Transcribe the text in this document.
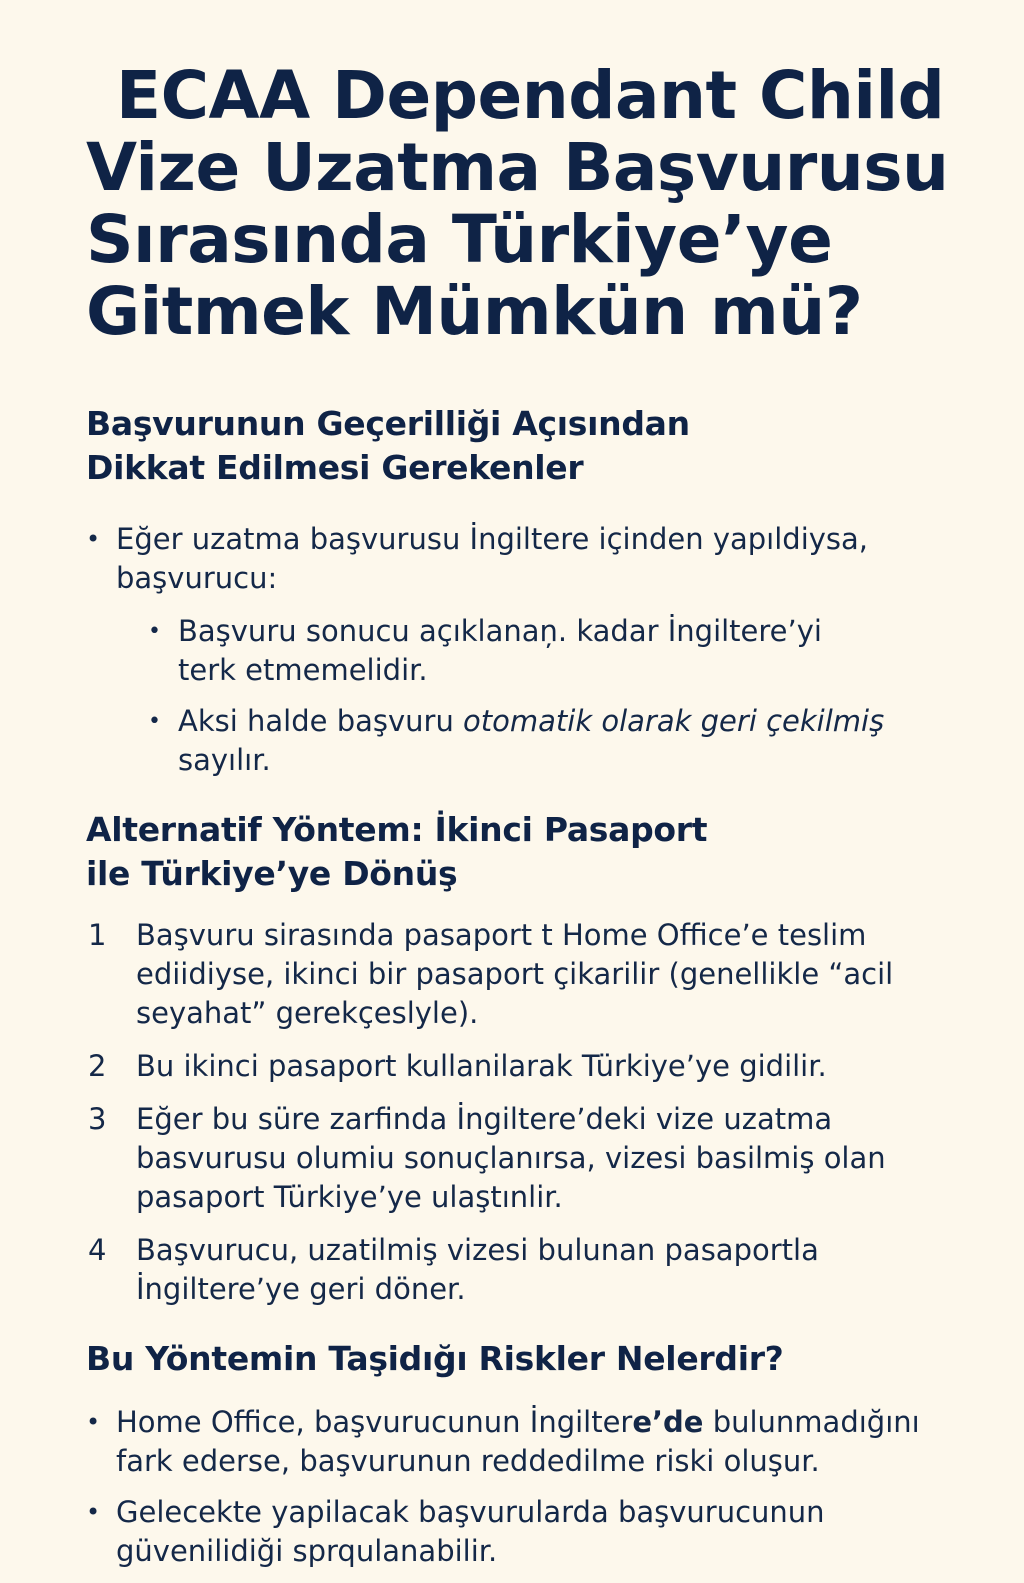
ECAA Dependant Child
Vize Uzatma Başvurusu
Sırasında Türkiye’ye
Gitmek Mümkün mü?
Başvurunun Geçerilliği Açısından
Dikkat Edilmesi Gerekenler
• Eğer uzatma başvurusu İngiltere içinden yapıldiysa,
başvurucu:
• Başvuru sonucu açıklanaņ. kadar İngiltere’yi
terk etmemelidir.
• Aksi halde başvuru otomatik olarak geri çekilmiş
sayılır.
Alternatif Yöntem: İkinci Pasaport
ile Türkiye’ye Dönüş
1 Başvuru sirasında pasaport t Home Office’e teslim
ediidiyse, ikinci bir pasaport çikarilir (genellikle “acil
seyahat” gerekçeslyle).
2 Bu ikinci pasaport kullanilarak Türkiye’ye gidilir.
3 Eğer bu süre zarfinda İngiltere’deki vize uzatma
basvurusu olumiu sonuçlanırsa, vizesi basilmiş olan
pasaport Türkiye’ye ulaştınlir.
4 Başvurucu, uzatilmiş vizesi bulunan pasaportla
İngiltere’ye geri döner.
Bu Yöntemin Taşidığı Riskler Nelerdir?
• Home Office, başvurucunun İngiltere’de bulunmadığını
fark ederse, başvurunun reddedilme riski oluşur.
• Gelecekte yapilacak başvurularda başvurucunun
güvenilidiği sprqulanabilir.
